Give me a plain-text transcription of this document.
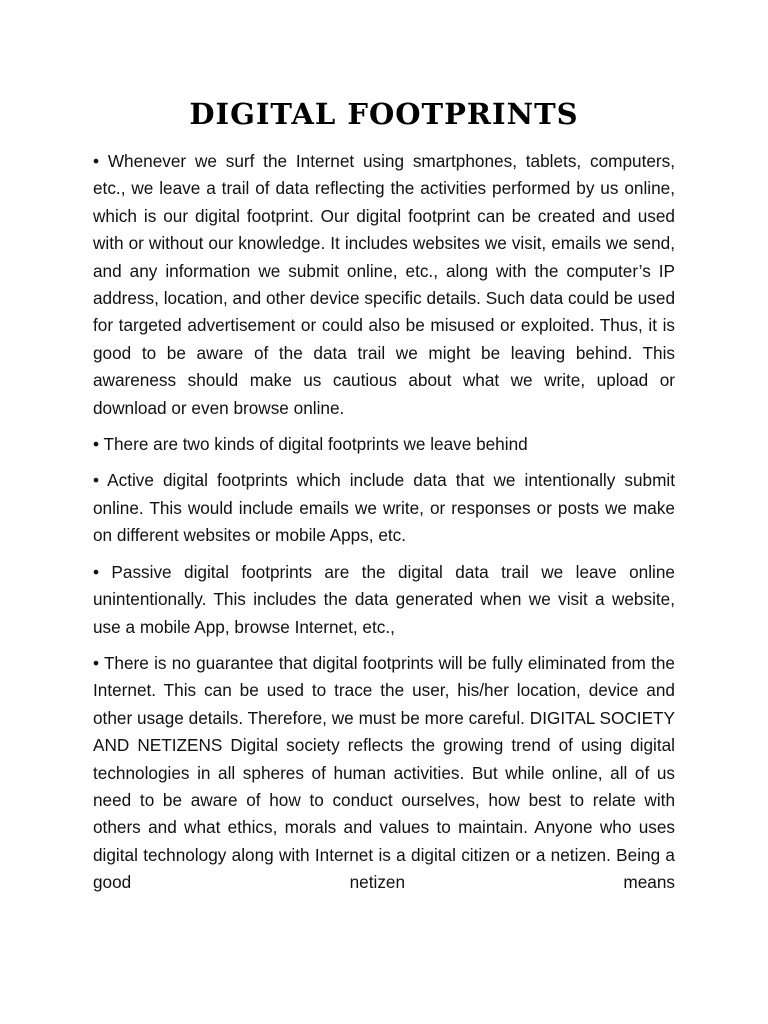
DIGITAL FOOTPRINTS

• Whenever we surf the Internet using smartphones, tablets, computers, etc., we leave a trail of data reflecting the activities performed by us online, which is our digital footprint. Our digital footprint can be created and used with or without our knowledge. It includes websites we visit, emails we send, and any information we submit online, etc., along with the computer’s IP address, location, and other device specific details. Such data could be used for targeted advertisement or could also be misused or exploited. Thus, it is good to be aware of the data trail we might be leaving behind. This awareness should make us cautious about what we write, upload or download or even browse online.

• There are two kinds of digital footprints we leave behind

• Active digital footprints which include data that we intentionally submit online. This would include emails we write, or responses or posts we make on different websites or mobile Apps, etc.

• Passive digital footprints are the digital data trail we leave online unintentionally. This includes the data generated when we visit a website, use a mobile App, browse Internet, etc.,

• There is no guarantee that digital footprints will be fully eliminated from the Internet. This can be used to trace the user, his/her location, device and other usage details. Therefore, we must be more careful. DIGITAL SOCIETY AND NETIZENS Digital society reflects the growing trend of using digital technologies in all spheres of human activities. But while online, all of us need to be aware of how to conduct ourselves, how best to relate with others and what ethics, morals and values to maintain. Anyone who uses digital technology along with Internet is a digital citizen or a netizen. Being a good netizen means
